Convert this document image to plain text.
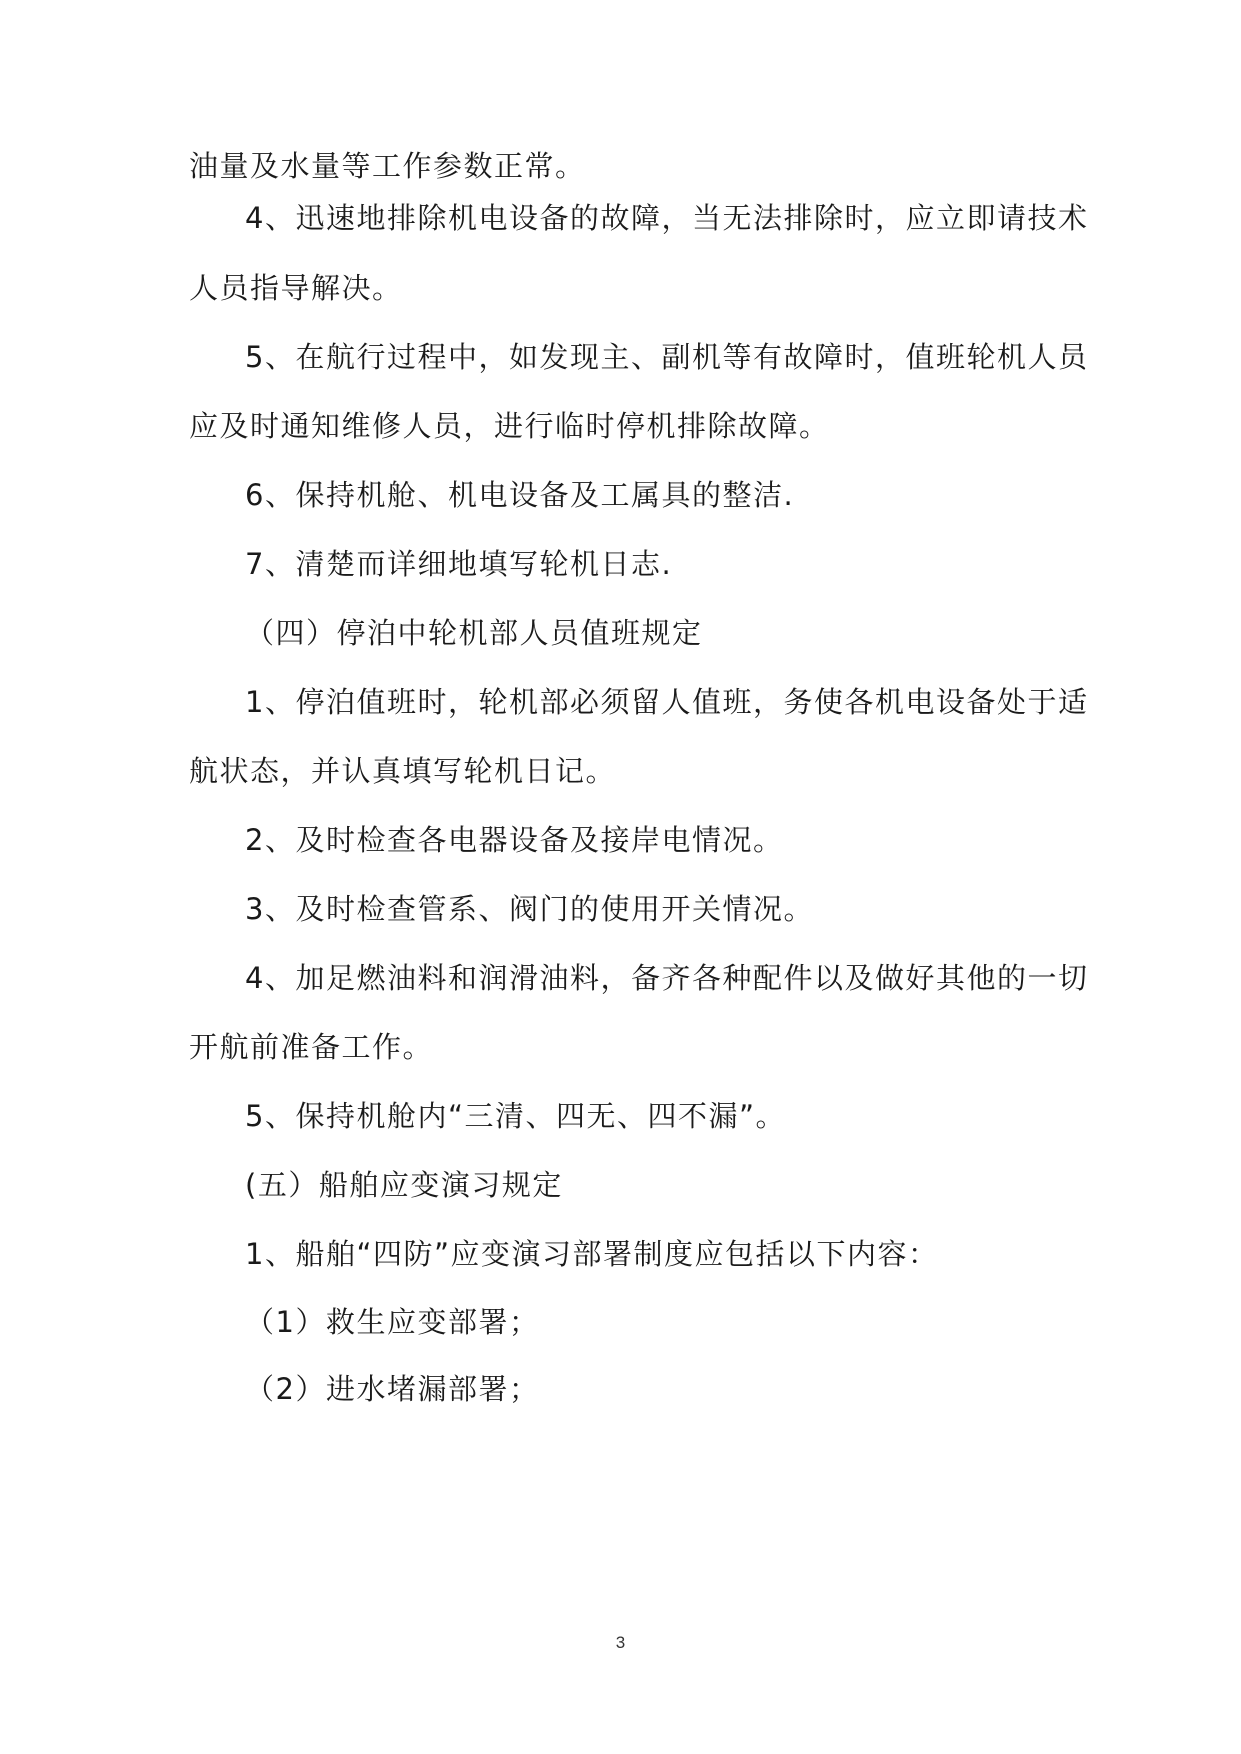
油量及水量等工作参数正常。
4、迅速地排除机电设备的故障，当无法排除时，应立即请技术
人员指导解决。
5、在航行过程中，如发现主、副机等有故障时，值班轮机人员
应及时通知维修人员，进行临时停机排除故障。
6、保持机舱、机电设备及工属具的整洁.
7、清楚而详细地填写轮机日志.
（四）停泊中轮机部人员值班规定
1、停泊值班时，轮机部必须留人值班，务使各机电设备处于适
航状态，并认真填写轮机日记。
2、及时检查各电器设备及接岸电情况。
3、及时检查管系、阀门的使用开关情况。
4、加足燃油料和润滑油料，备齐各种配件以及做好其他的一切
开航前准备工作。
5、保持机舱内“三清、四无、四不漏”。
(五）船舶应变演习规定
1、船舶“四防”应变演习部署制度应包括以下内容：
（1）救生应变部署；
（2）进水堵漏部署；
3
